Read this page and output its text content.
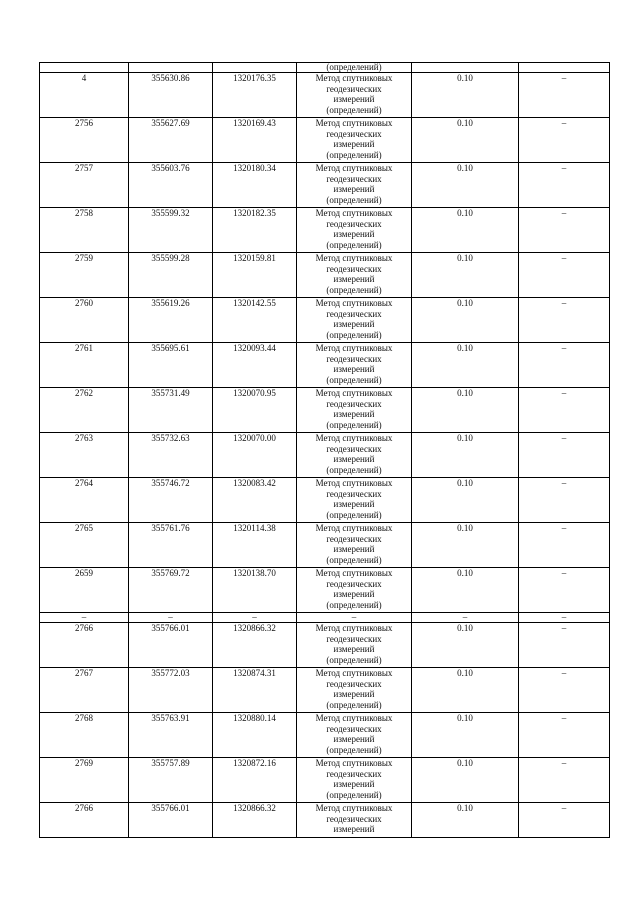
			(определений)		
4	355630.86	1320176.35	Метод спутниковых
геодезических
измерений
(определений)	0.10	–
2756	355627.69	1320169.43	Метод спутниковых
геодезических
измерений
(определений)	0.10	–
2757	355603.76	1320180.34	Метод спутниковых
геодезических
измерений
(определений)	0.10	–
2758	355599.32	1320182.35	Метод спутниковых
геодезических
измерений
(определений)	0.10	–
2759	355599.28	1320159.81	Метод спутниковых
геодезических
измерений
(определений)	0.10	–
2760	355619.26	1320142.55	Метод спутниковых
геодезических
измерений
(определений)	0.10	–
2761	355695.61	1320093.44	Метод спутниковых
геодезических
измерений
(определений)	0.10	–
2762	355731.49	1320070.95	Метод спутниковых
геодезических
измерений
(определений)	0.10	–
2763	355732.63	1320070.00	Метод спутниковых
геодезических
измерений
(определений)	0.10	–
2764	355746.72	1320083.42	Метод спутниковых
геодезических
измерений
(определений)	0.10	–
2765	355761.76	1320114.38	Метод спутниковых
геодезических
измерений
(определений)	0.10	–
2659	355769.72	1320138.70	Метод спутниковых
геодезических
измерений
(определений)	0.10	–
–	–	–	–	–	–
2766	355766.01	1320866.32	Метод спутниковых
геодезических
измерений
(определений)	0.10	–
2767	355772.03	1320874.31	Метод спутниковых
геодезических
измерений
(определений)	0.10	–
2768	355763.91	1320880.14	Метод спутниковых
геодезических
измерений
(определений)	0.10	–
2769	355757.89	1320872.16	Метод спутниковых
геодезических
измерений
(определений)	0.10	–
2766	355766.01	1320866.32	Метод спутниковых
геодезических
измерений	0.10	–
